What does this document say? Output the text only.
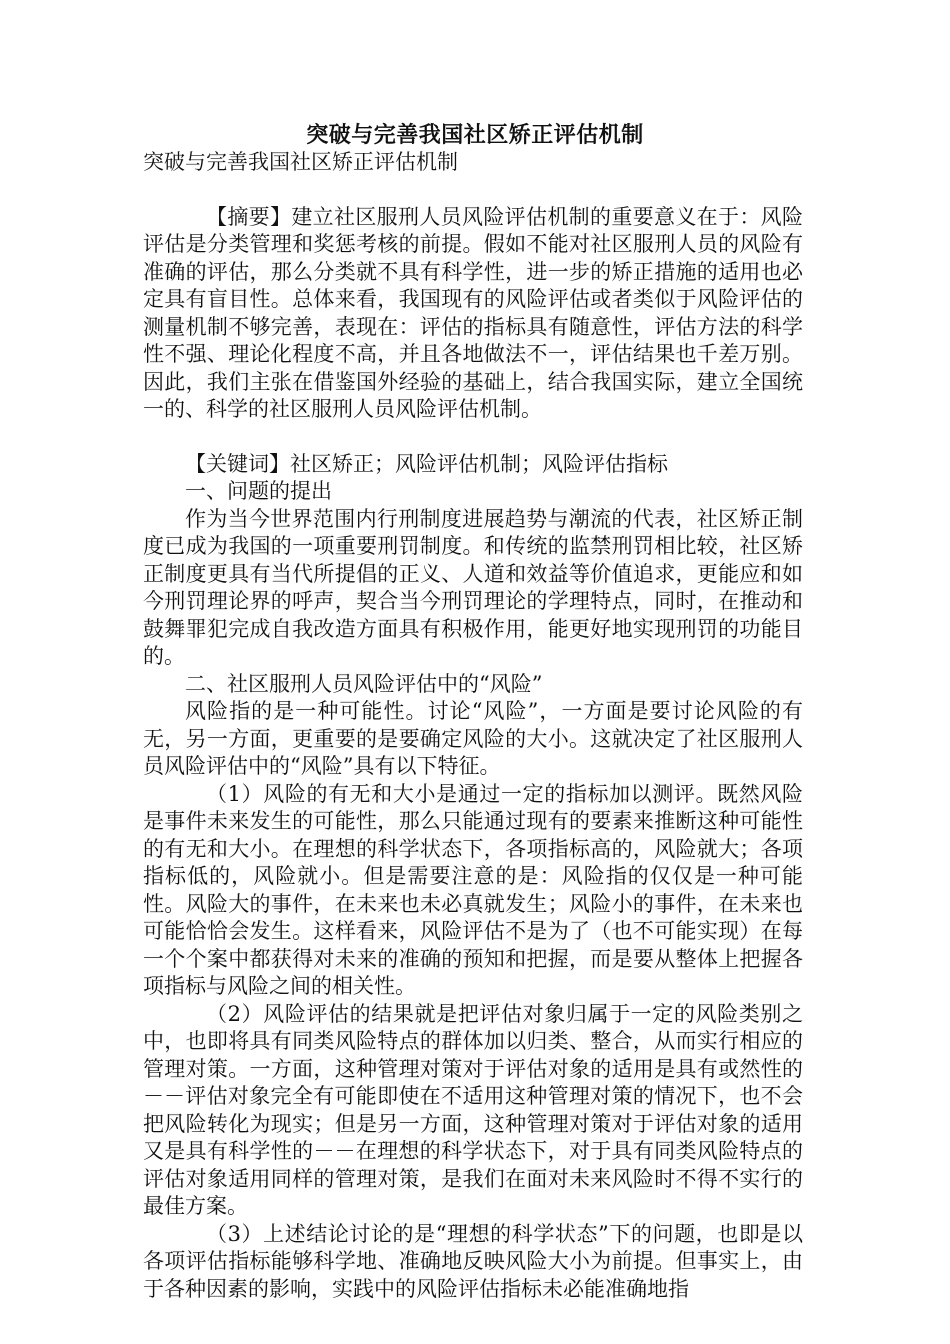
突破与完善我国社区矫正评估机制

突破与完善我国社区矫正评估机制

【摘要】建立社区服刑人员风险评估机制的重要意义在于：风险评估是分类管理和奖惩考核的前提。假如不能对社区服刑人员的风险有准确的评估，那么分类就不具有科学性，进一步的矫正措施的适用也必定具有盲目性。总体来看，我国现有的风险评估或者类似于风险评估的测量机制不够完善，表现在：评估的指标具有随意性，评估方法的科学性不强、理论化程度不高，并且各地做法不一，评估结果也千差万别。因此，我们主张在借鉴国外经验的基础上，结合我国实际，建立全国统一的、科学的社区服刑人员风险评估机制。

【关键词】社区矫正；风险评估机制；风险评估指标

一、问题的提出

作为当今世界范围内行刑制度进展趋势与潮流的代表，社区矫正制度已成为我国的一项重要刑罚制度。和传统的监禁刑罚相比较，社区矫正制度更具有当代所提倡的正义、人道和效益等价值追求，更能应和如今刑罚理论界的呼声，契合当今刑罚理论的学理特点，同时，在推动和鼓舞罪犯完成自我改造方面具有积极作用，能更好地实现刑罚的功能目的。

二、社区服刑人员风险评估中的“风险”

风险指的是一种可能性。讨论“风险”，一方面是要讨论风险的有无，另一方面，更重要的是要确定风险的大小。这就决定了社区服刑人员风险评估中的“风险”具有以下特征。

（1）风险的有无和大小是通过一定的指标加以测评。既然风险是事件未来发生的可能性，那么只能通过现有的要素来推断这种可能性的有无和大小。在理想的科学状态下，各项指标高的，风险就大；各项指标低的，风险就小。但是需要注意的是：风险指的仅仅是一种可能性。风险大的事件，在未来也未必真就发生；风险小的事件，在未来也可能恰恰会发生。这样看来，风险评估不是为了（也不可能实现）在每一个个案中都获得对未来的准确的预知和把握，而是要从整体上把握各项指标与风险之间的相关性。

（2）风险评估的结果就是把评估对象归属于一定的风险类别之中，也即将具有同类风险特点的群体加以归类、整合，从而实行相应的管理对策。一方面，这种管理对策对于评估对象的适用是具有或然性的－－评估对象完全有可能即使在不适用这种管理对策的情况下，也不会把风险转化为现实；但是另一方面，这种管理对策对于评估对象的适用又是具有科学性的－－在理想的科学状态下，对于具有同类风险特点的评估对象适用同样的管理对策，是我们在面对未来风险时不得不实行的最佳方案。

（3）上述结论讨论的是“理想的科学状态”下的问题，也即是以各项评估指标能够科学地、准确地反映风险大小为前提。但事实上，由于各种因素的影响，实践中的风险评估指标未必能准确地指
